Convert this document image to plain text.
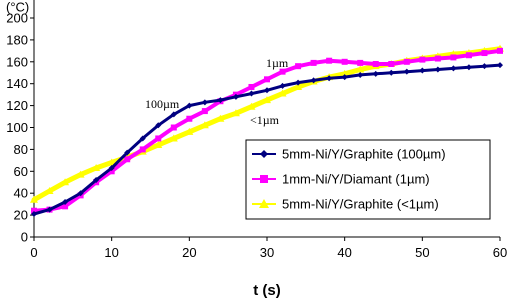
0
20
40
60
80
100
120
140
160
180
200
0	10	20	30	40	50	60
(°C)
t (s)
100µm
1µm
<1µm
5mm-Ni/Y/Graphite (100µm)
1mm-Ni/Y/Diamant (1µm)
5mm-Ni/Y/Graphite (<1µm)
